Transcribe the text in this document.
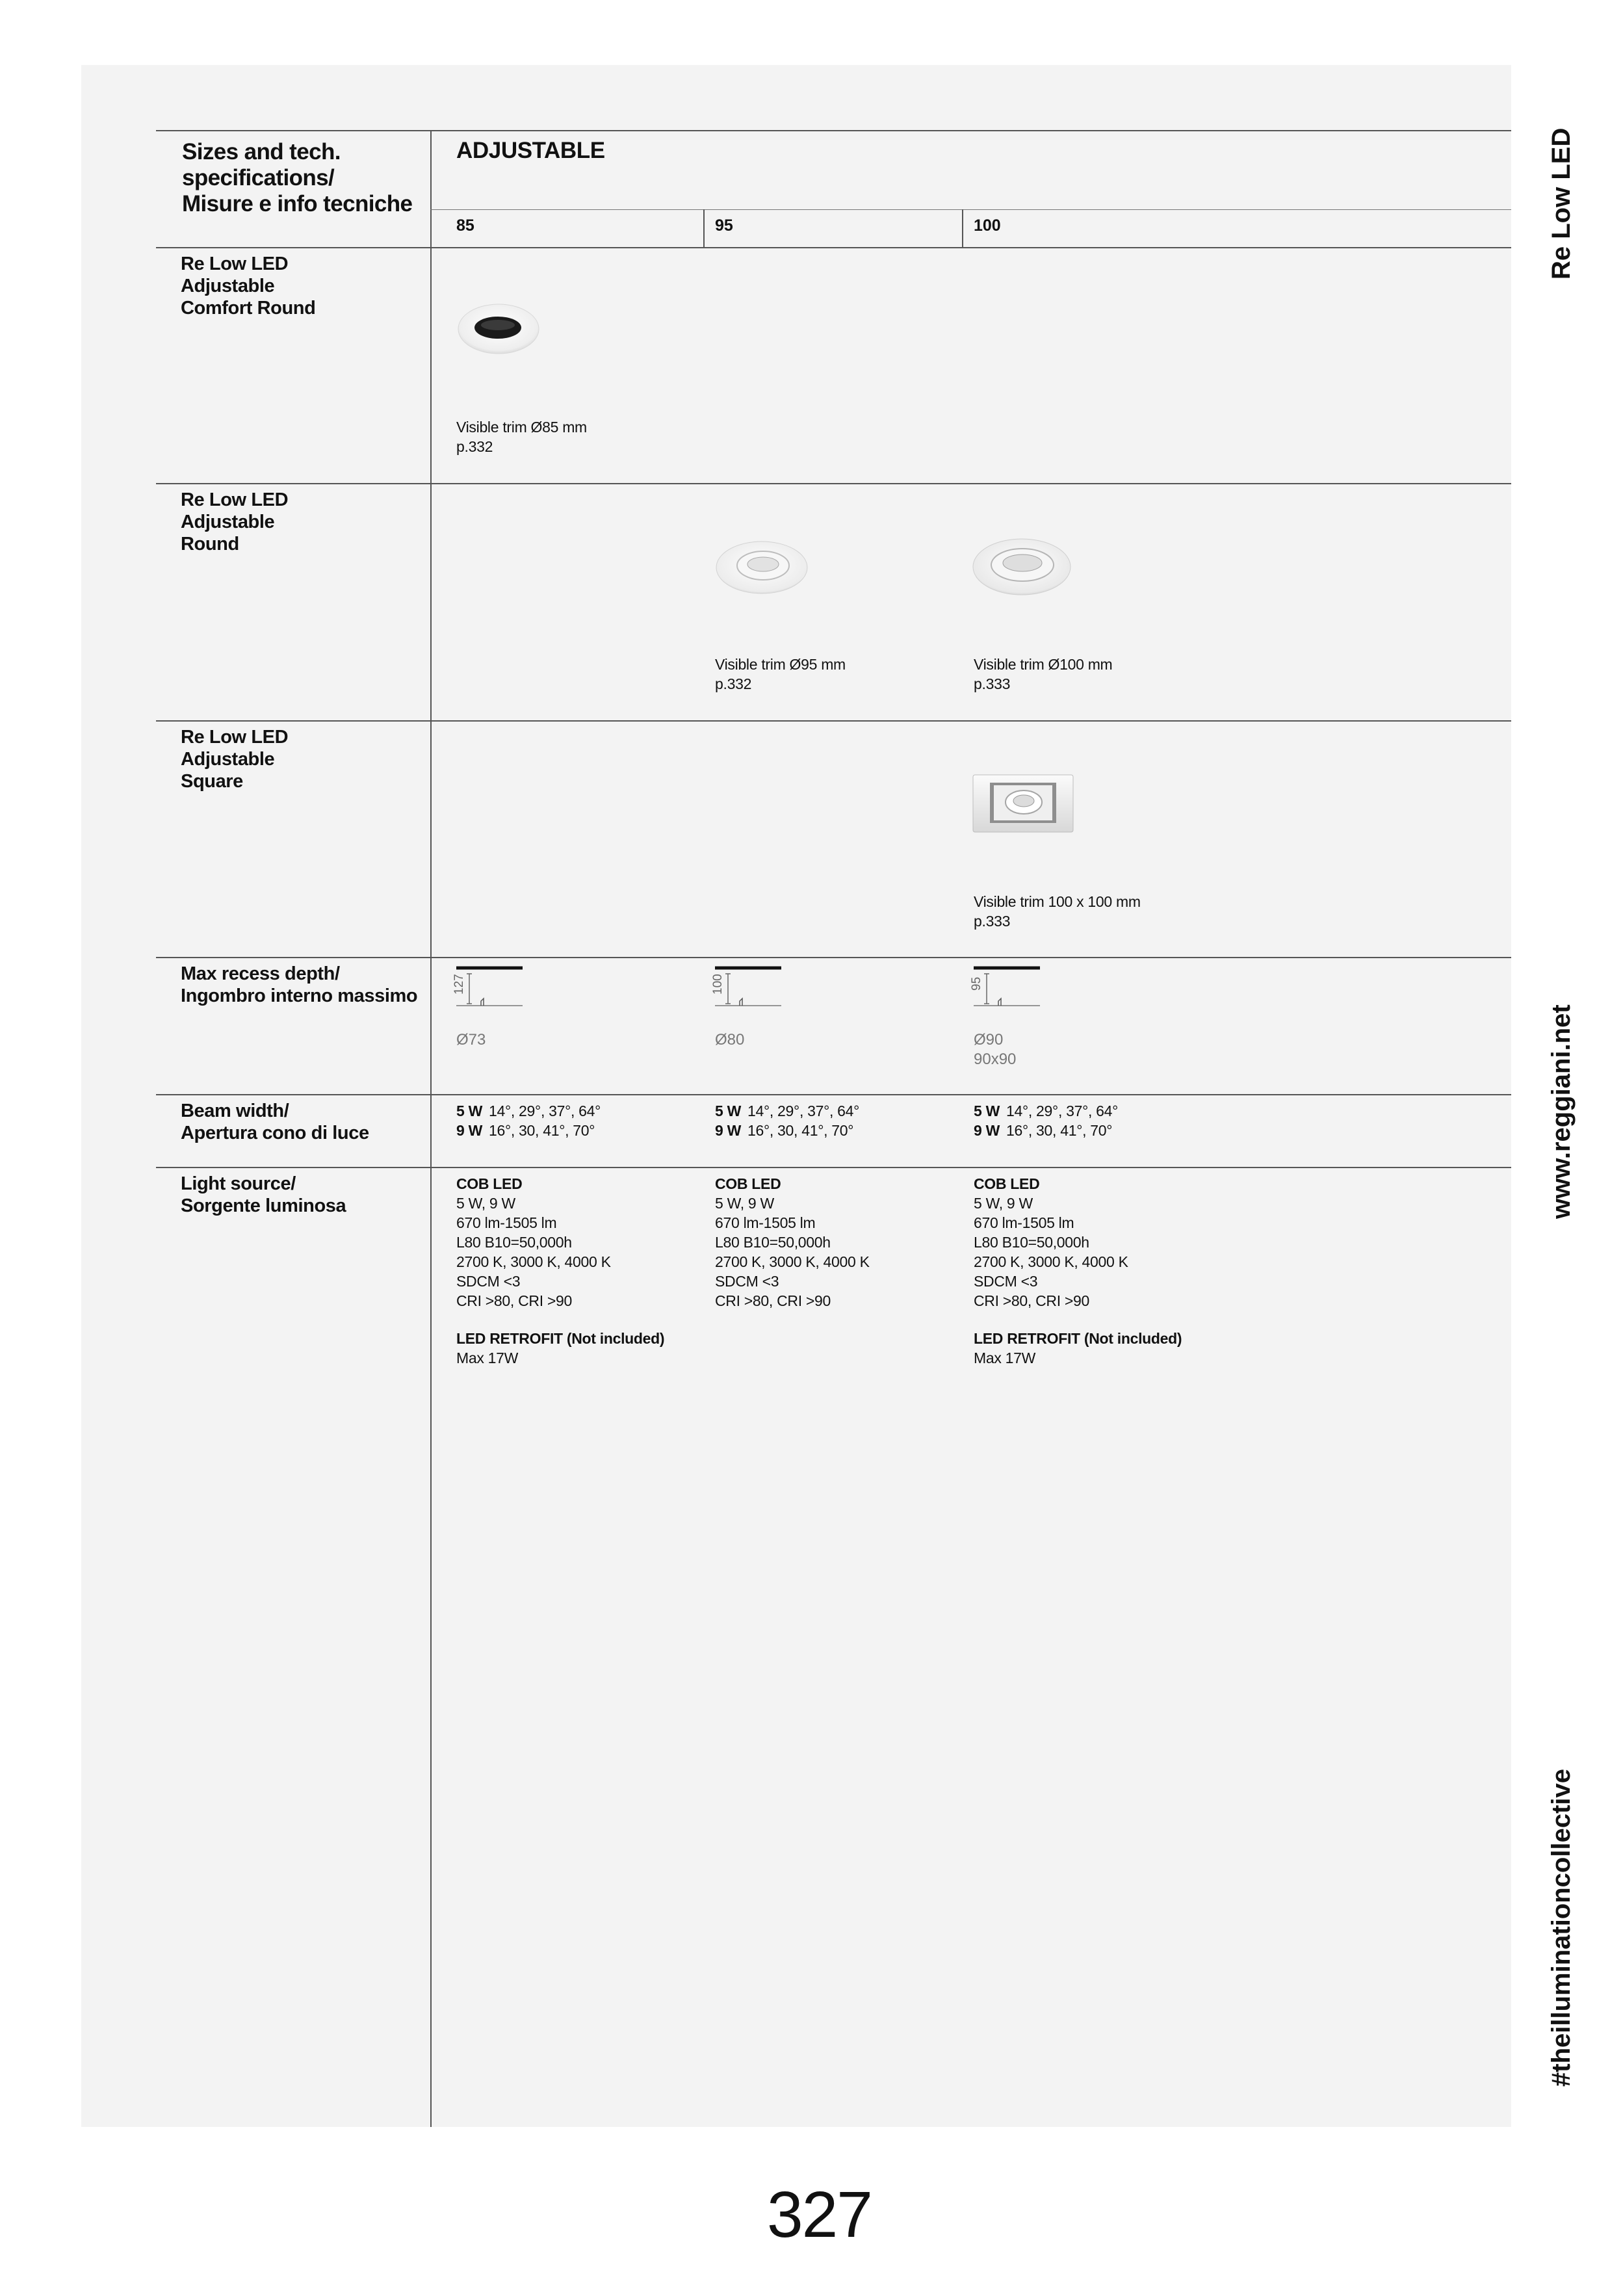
Re Low LED
www.reggiani.net
#theilluminationcollective
Sizes and tech.
specifications/
Misure e info tecniche
ADJUSTABLE
85	95	100
Re Low LED
Adjustable
Comfort Round
Visible trim Ø85 mm
p.332
Re Low LED
Adjustable
Round
Visible trim Ø95 mm
p.332
Visible trim Ø100 mm
p.333
Re Low LED
Adjustable
Square
Visible trim 100 x 100 mm
p.333
Max recess depth/
Ingombro interno massimo
127
Ø73
100
Ø80
95
Ø90
90x90
Beam width/
Apertura cono di luce
5 W 14°, 29°, 37°, 64°
9 W 16°, 30, 41°, 70°
5 W 14°, 29°, 37°, 64°
9 W 16°, 30, 41°, 70°
5 W 14°, 29°, 37°, 64°
9 W 16°, 30, 41°, 70°
Light source/
Sorgente luminosa
COB LED
5 W, 9 W
670 lm-1505 lm
L80 B10=50,000h
2700 K, 3000 K, 4000 K
SDCM <3
CRI >80, CRI >90
LED RETROFIT (Not included)
Max 17W
COB LED
5 W, 9 W
670 lm-1505 lm
L80 B10=50,000h
2700 K, 3000 K, 4000 K
SDCM <3
CRI >80, CRI >90
COB LED
5 W, 9 W
670 lm-1505 lm
L80 B10=50,000h
2700 K, 3000 K, 4000 K
SDCM <3
CRI >80, CRI >90
LED RETROFIT (Not included)
Max 17W
327
